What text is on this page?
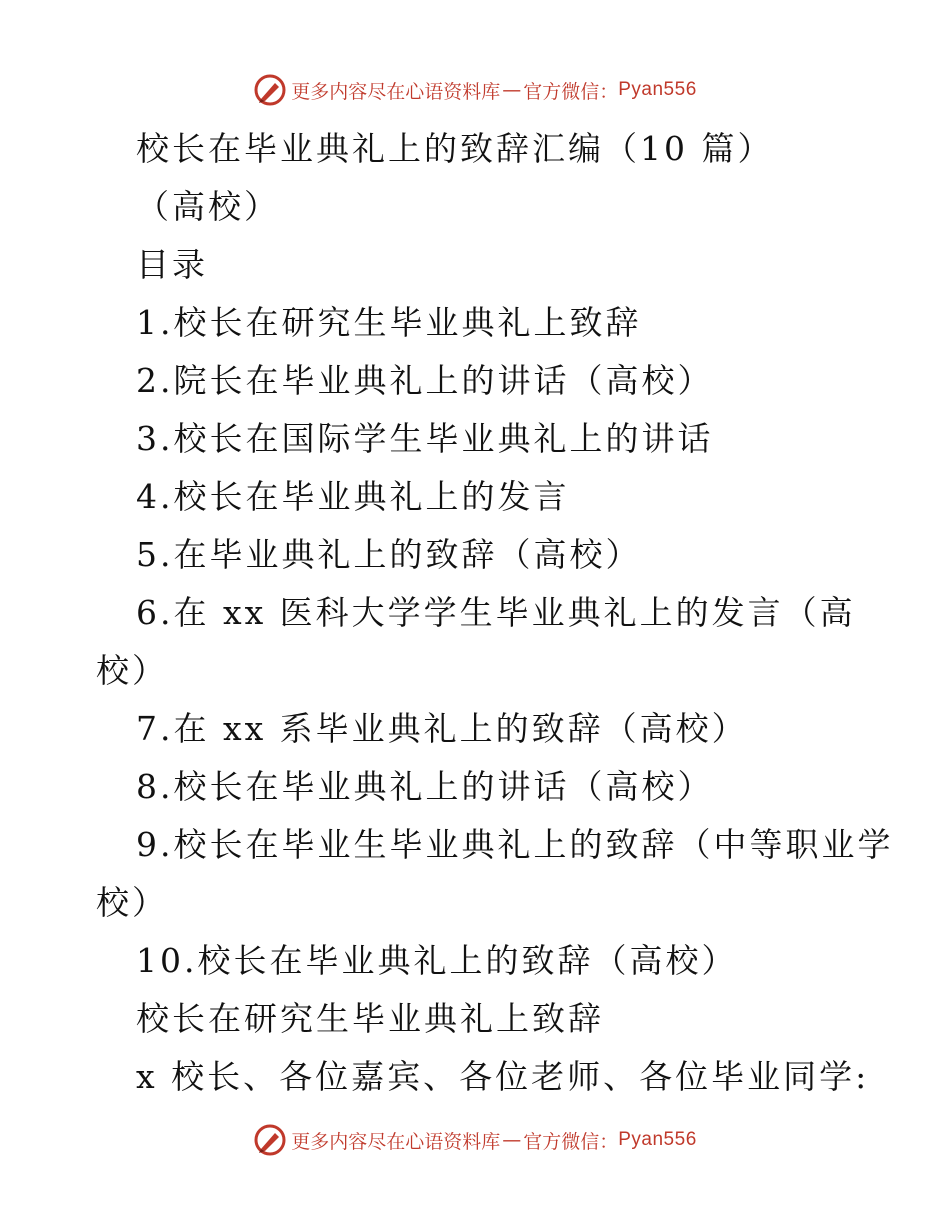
更多内容尽在心语资料库 — 官方微信： Pyan556
校长在毕业典礼上的致辞汇编（10 篇）
（高校）
目录
1.校长在研究生毕业典礼上致辞
2.院长在毕业典礼上的讲话（高校）
3.校长在国际学生毕业典礼上的讲话
4.校长在毕业典礼上的发言
5.在毕业典礼上的致辞（高校）
6.在 xx 医科大学学生毕业典礼上的发言（高
校）
7.在 xx 系毕业典礼上的致辞（高校）
8.校长在毕业典礼上的讲话（高校）
9.校长在毕业生毕业典礼上的致辞（中等职业学
校）
10.校长在毕业典礼上的致辞（高校）
校长在研究生毕业典礼上致辞
x 校长、各位嘉宾、各位老师、各位毕业同学:
更多内容尽在心语资料库 — 官方微信： Pyan556
